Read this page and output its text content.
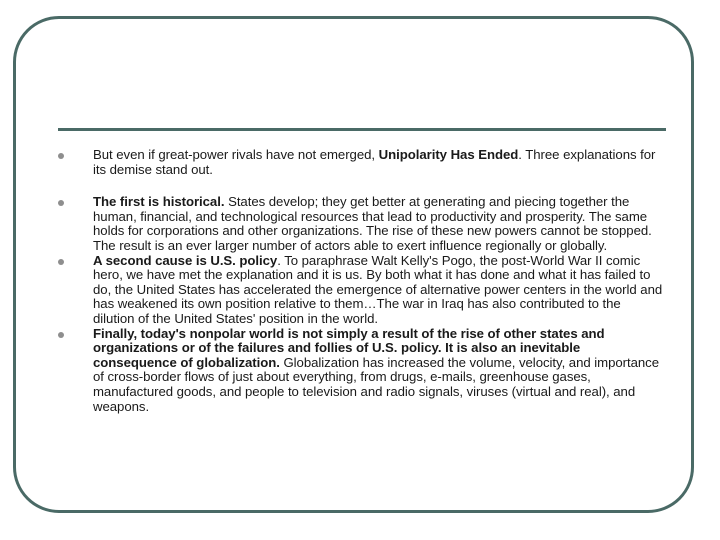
But even if great-power rivals have not emerged, Unipolarity Has Ended. Three explanations for its demise stand out.
The first is historical. States develop; they get better at generating and piecing together the human, financial, and technological resources that lead to productivity and prosperity. The same holds for corporations and other organizations. The rise of these new powers cannot be stopped. The result is an ever larger number of actors able to exert influence regionally or globally.
A second cause is U.S. policy. To paraphrase Walt Kelly's Pogo, the post-World War II comic hero, we have met the explanation and it is us. By both what it has done and what it has failed to do, the United States has accelerated the emergence of alternative power centers in the world and has weakened its own position relative to them…The war in Iraq has also contributed to the dilution of the United States' position in the world.
Finally, today's nonpolar world is not simply a result of the rise of other states and organizations or of the failures and follies of U.S. policy. It is also an inevitable consequence of globalization. Globalization has increased the volume, velocity, and importance of cross-border flows of just about everything, from drugs, e-mails, greenhouse gases, manufactured goods, and people to television and radio signals, viruses (virtual and real), and weapons.
